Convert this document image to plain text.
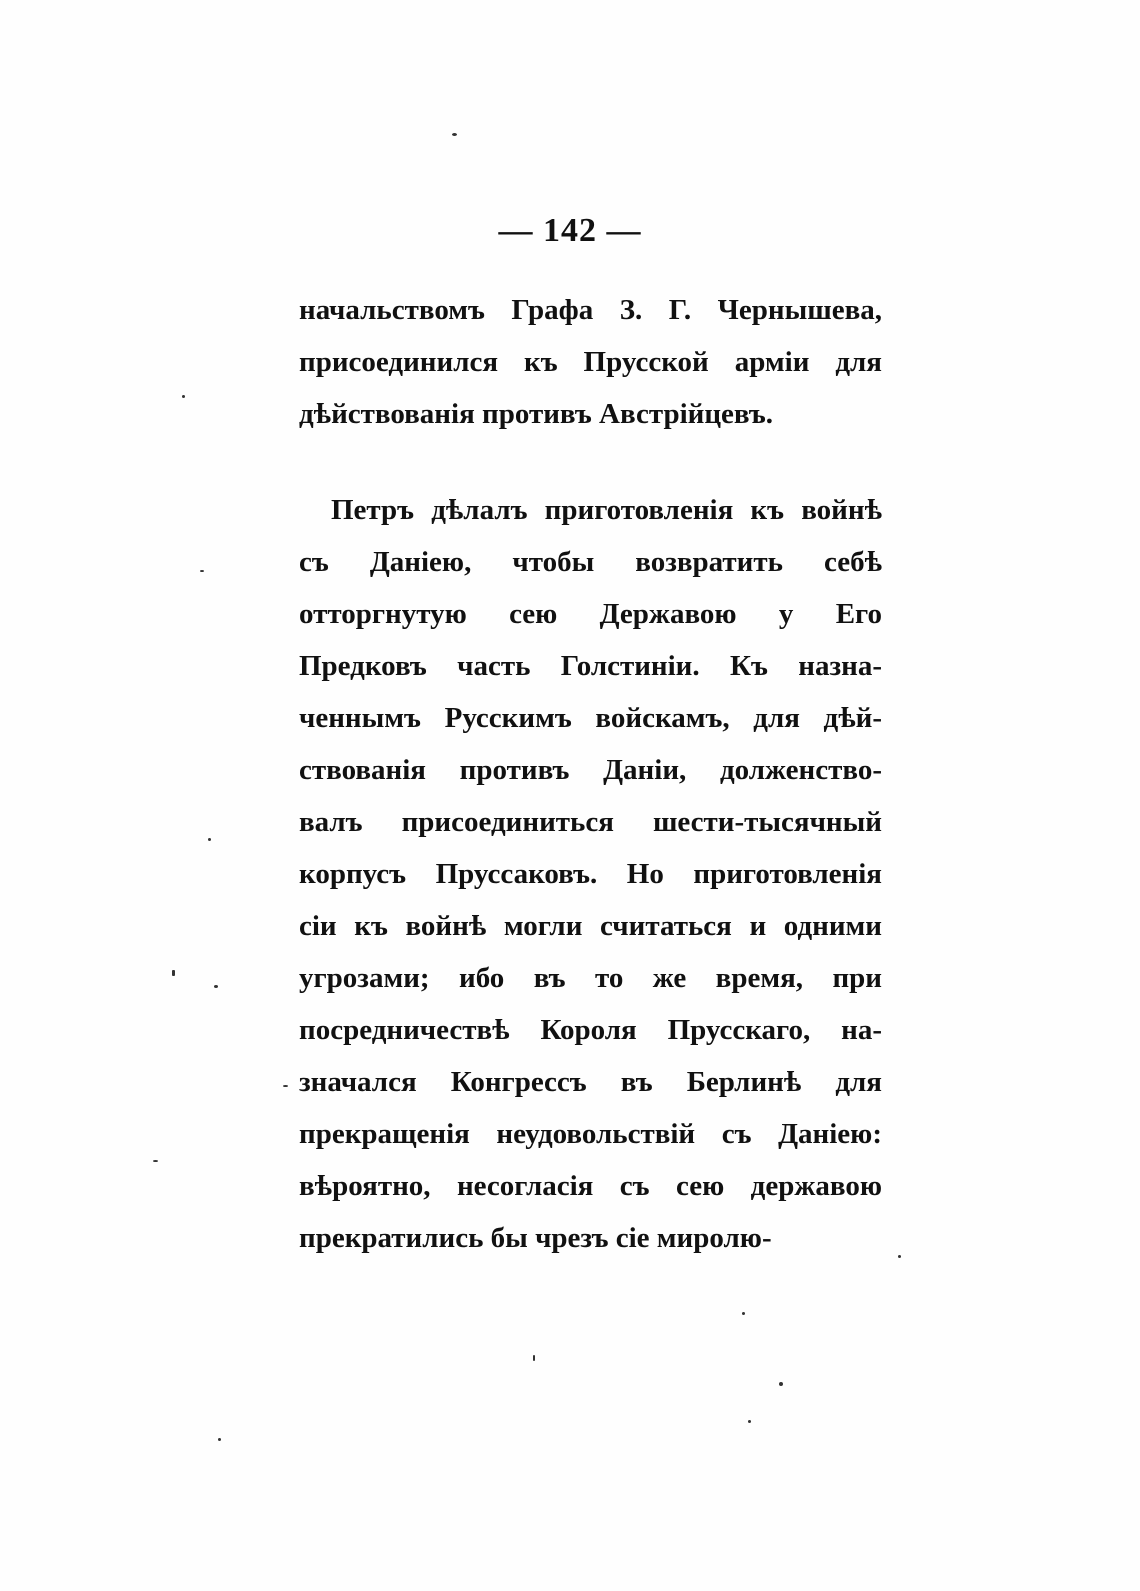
— 142 —
начальствомъ Графа З. Г. Чернышева,
присоединился къ Прусской арміи для
дѣйствованія противъ Австрійцевъ.
Петръ дѣлалъ приготовленія къ войнѣ
съ Даніею, чтобы возвратить себѣ
отторгнутую сею Державою у Его
Предковъ часть Голстиніи. Къ назна-
ченнымъ Русскимъ войскамъ, для дѣй-
ствованія противъ Даніи, долженство-
валъ присоединиться шести-тысячный
корпусъ Пруссаковъ. Но приготовленія
сіи къ войнѣ могли считаться и одними
угрозами; ибо въ то же время, при
посредничествѣ Короля Прусскаго, на-
значался Конгрессъ въ Берлинѣ для
прекращенія неудовольствій съ Даніею:
вѣроятно, несогласія съ сею державою
прекратились бы чрезъ сіе миролю-
